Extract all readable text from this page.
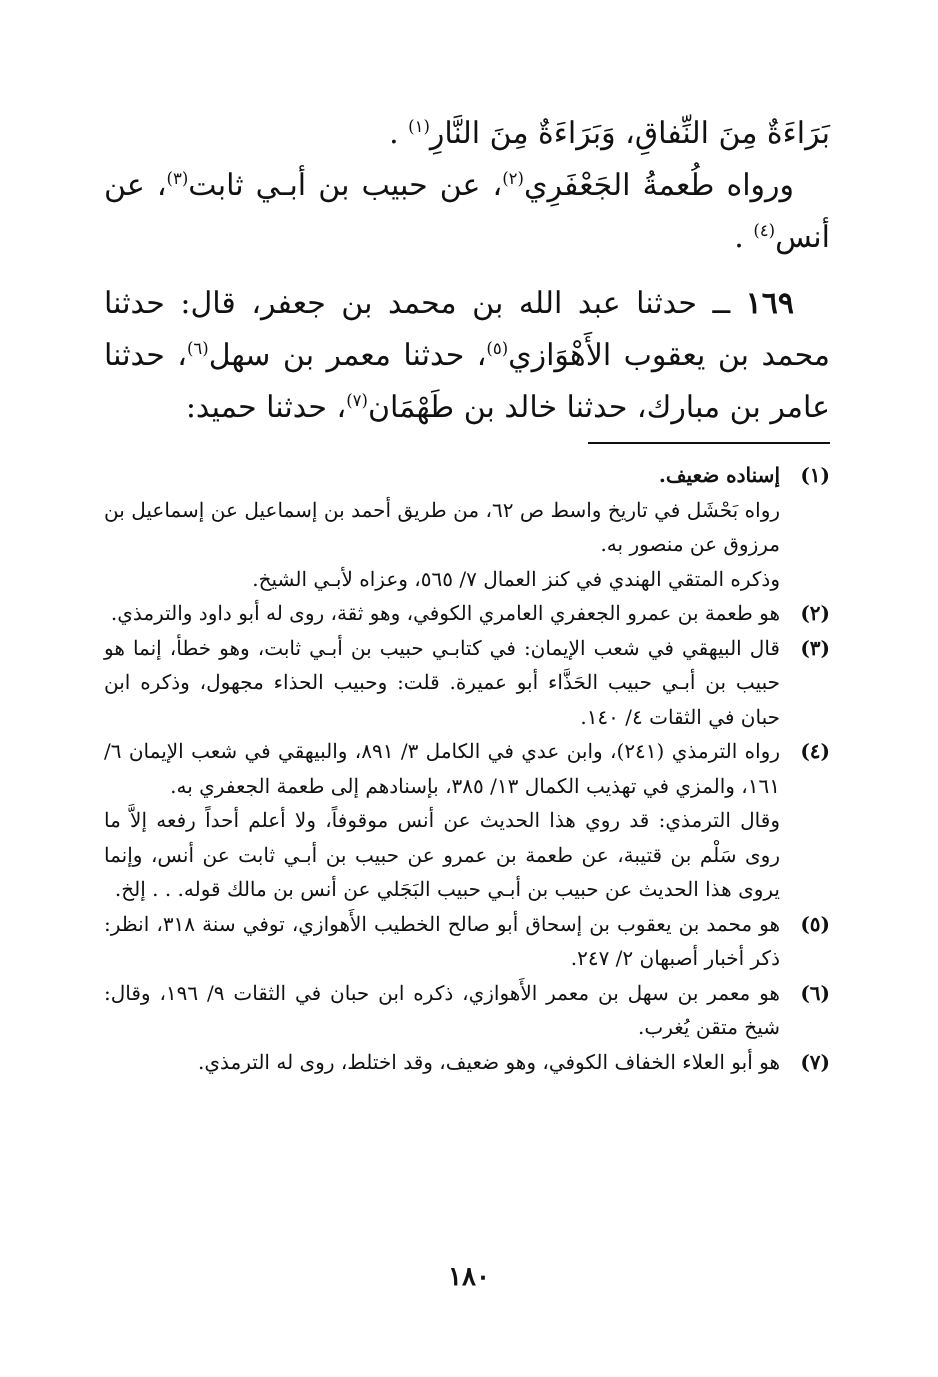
بَرَاءَةٌ مِنَ النِّفاقِ، وَبَرَاءَةٌ مِنَ النَّارِ$^{(١)}$ .

ورواه طُعمةُ الجَعْفَرِي$^{(٢)}$، عن حبيب بن أبـي ثابت$^{(٣)}$، عن أنس$^{(٤)}$ .

١٦٩ ــ حدثنا عبد الله بن محمد بن جعفر، قال: حدثنا محمد بن يعقوب الأَهْوَازي$^{(٥)}$، حدثنا معمر بن سهل$^{(٦)}$، حدثنا عامر بن مبارك، حدثنا خالد بن طَهْمَان$^{(٧)}$، حدثنا حميد:

(١)

إسناده ضعيف.

رواه بَحْشَل في تاريخ واسط ص ٦٢، من طريق أحمد بن إسماعيل عن إسماعيل بن مرزوق عن منصور به.

وذكره المتقي الهندي في كنز العمال ٧/ ٥٦٥، وعزاه لأبـي الشيخ.

(٢)

هو طعمة بن عمرو الجعفري العامري الكوفي، وهو ثقة، روى له أبو داود والترمذي.

(٣)

قال البيهقي في شعب الإيمان: في كتابـي حبيب بن أبـي ثابت، وهو خطأ، إنما هو حبيب بن أبـي حبيب الحَذَّاء أبو عميرة. قلت: وحبيب الحذاء مجهول، وذكره ابن حبان في الثقات ٤/ ١٤٠.

(٤)

رواه الترمذي (٢٤١)، وابن عدي في الكامل ٣/ ٨٩١، والبيهقي في شعب الإيمان ٦/ ١٦١، والمزي في تهذيب الكمال ١٣/ ٣٨٥، بإسنادهم إلى طعمة الجعفري به.

وقال الترمذي: قد روي هذا الحديث عن أنس موقوفاً، ولا أعلم أحداً رفعه إلاَّ ما روى سَلْم بن قتيبة، عن طعمة بن عمرو عن حبيب بن أبـي ثابت عن أنس، وإنما يروى هذا الحديث عن حبيب بن أبـي حبيب البَجَلي عن أنس بن مالك قوله. . . إلخ.

(٥)

هو محمد بن يعقوب بن إسحاق أبو صالح الخطيب الأَهوازي، توفي سنة ٣١٨، انظر: ذكر أخبار أصبهان ٢/ ٢٤٧.

(٦)

هو معمر بن سهل بن معمر الأَهوازي، ذكره ابن حبان في الثقات ٩/ ١٩٦، وقال: شيخ متقن يُغرب.

(٧)

هو أبو العلاء الخفاف الكوفي، وهو ضعيف، وقد اختلط، روى له الترمذي.

١٨٠
